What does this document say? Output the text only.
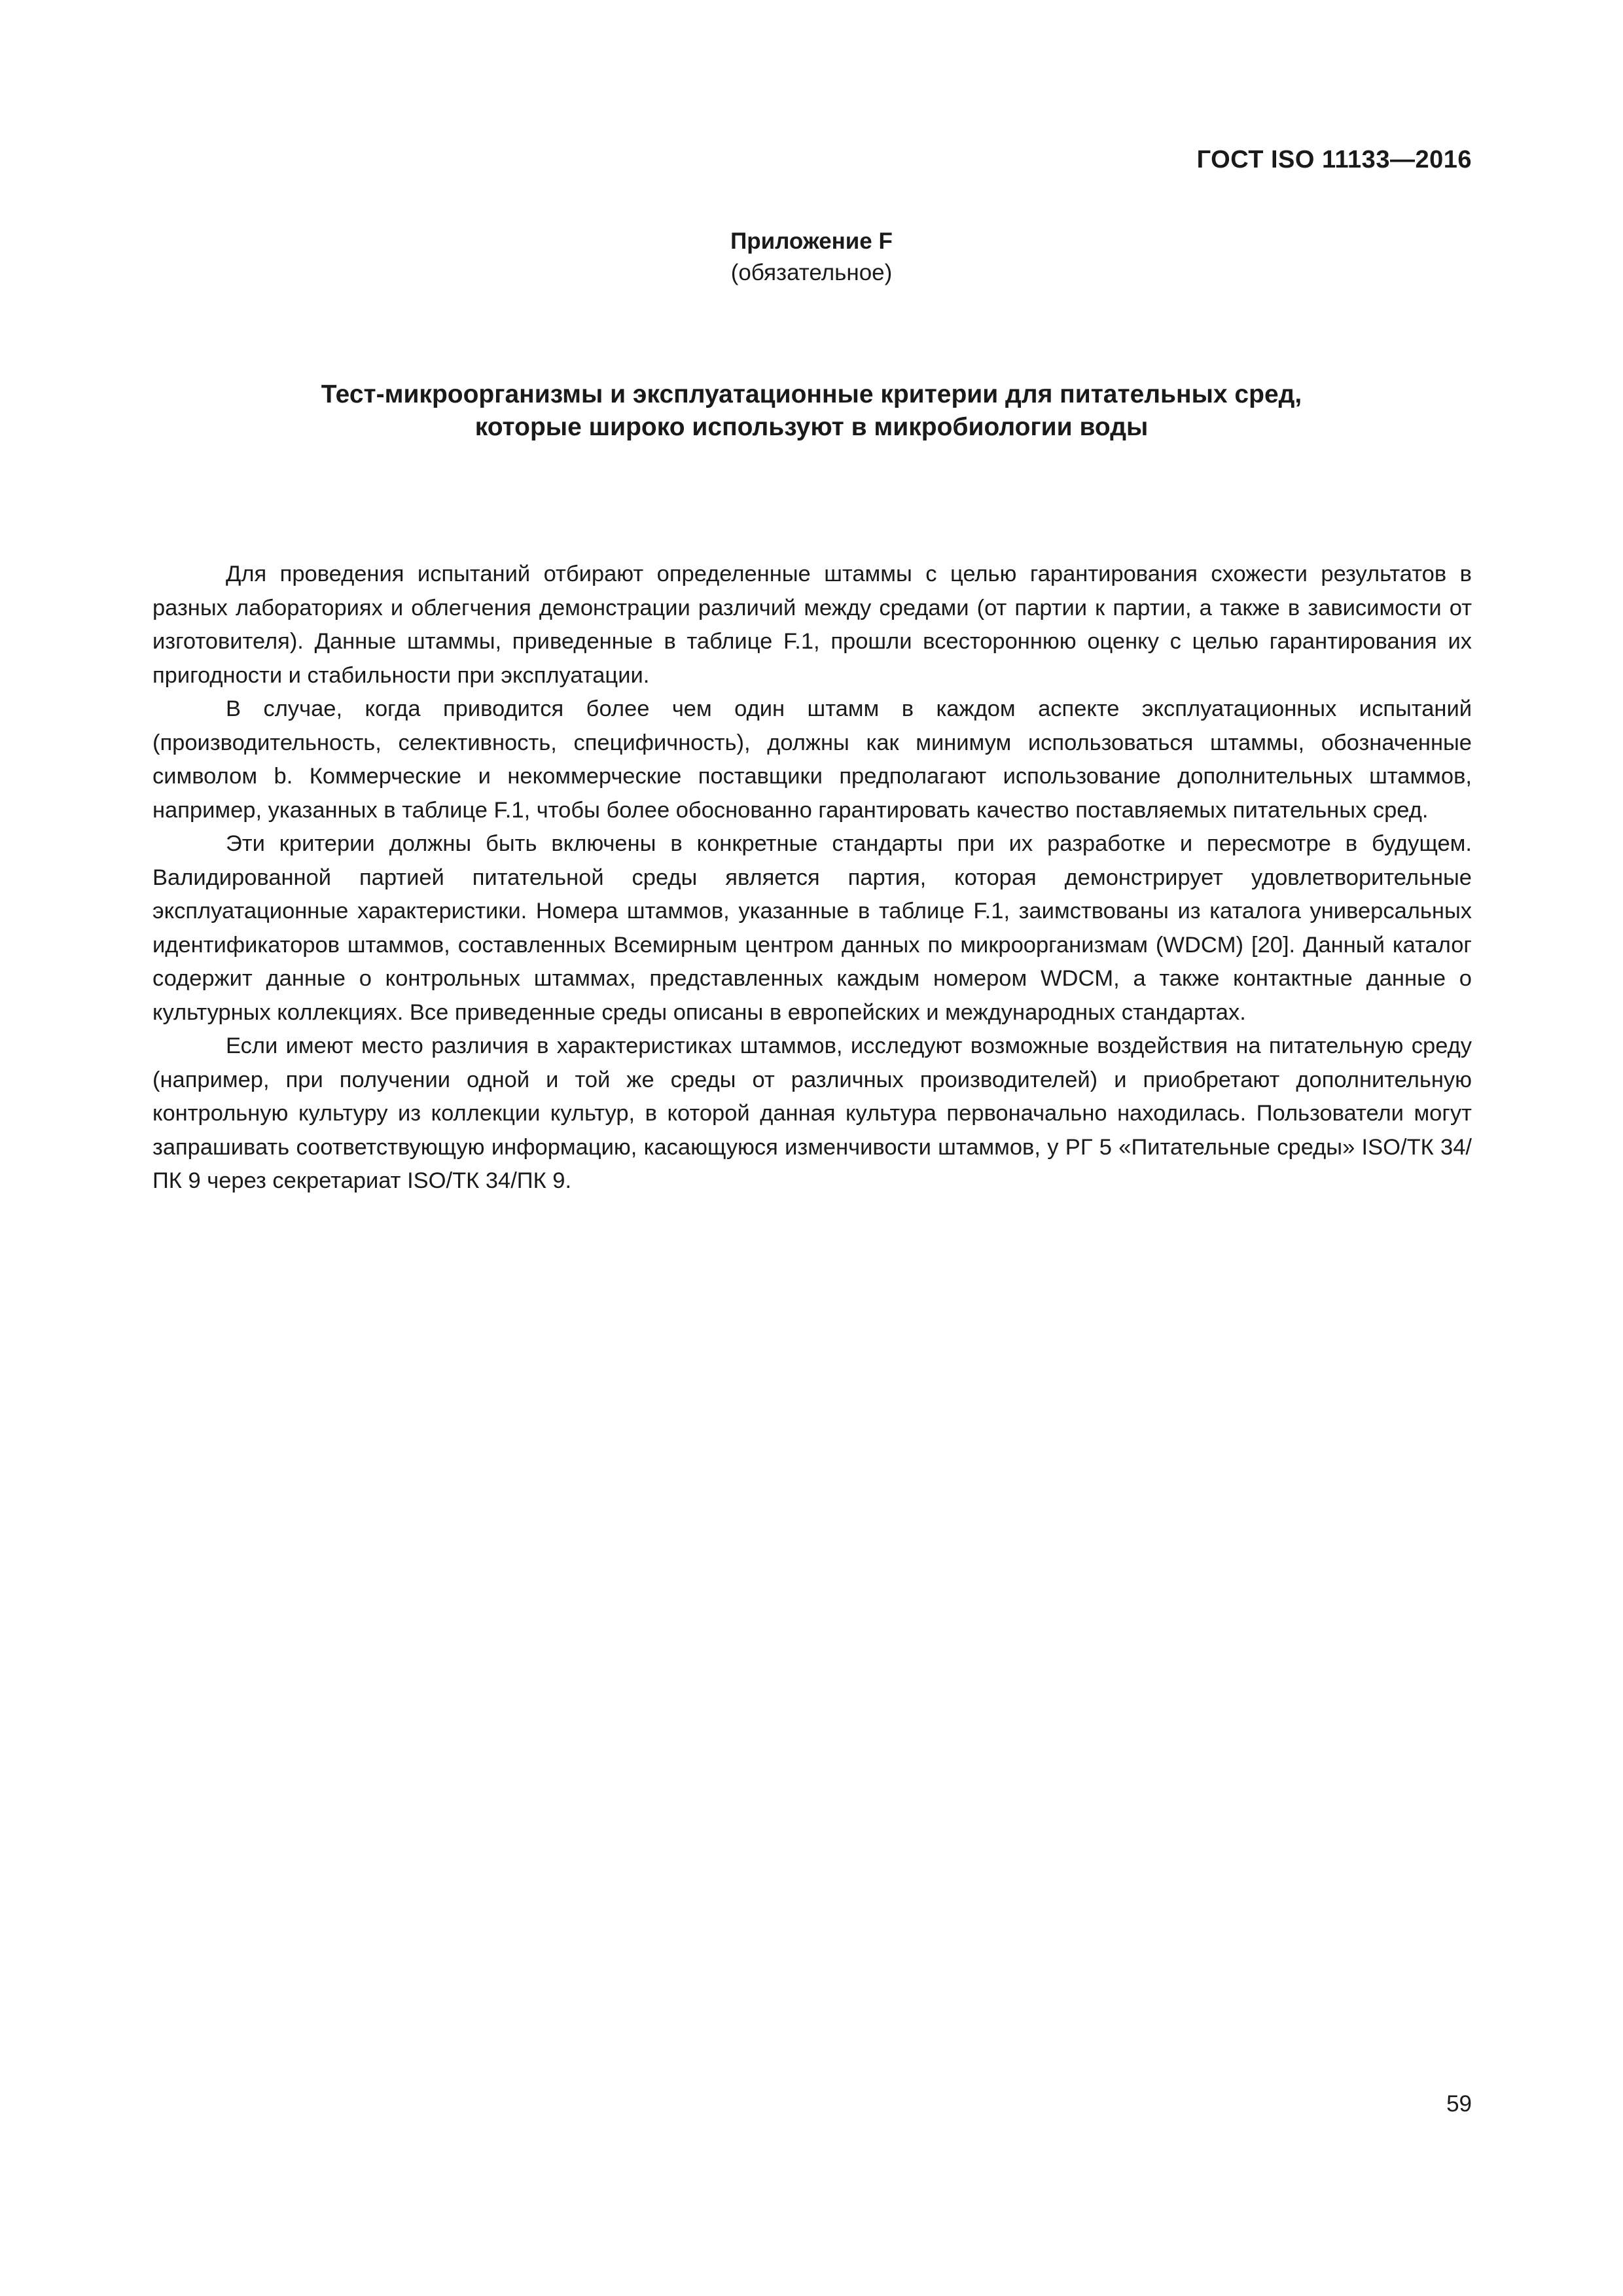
ГОСТ ISO 11133—2016
Приложение F
(обязательное)
Тест-микроорганизмы и эксплуатационные критерии для питательных сред,
которые широко используют в микробиологии воды

Для проведения испытаний отбирают определенные штаммы с целью гарантирования схожести результатов в разных лабораториях и облегчения демонстрации различий между средами (от партии к партии, а также в зависимости от изготовителя). Данные штаммы, приведенные в таблице F.1, прошли всестороннюю оценку с целью гарантирования их пригодности и стабильности при эксплуатации.

В случае, когда приводится более чем один штамм в каждом аспекте эксплуатационных испытаний (производительность, селективность, специфичность), должны как минимум использоваться штаммы, обозначенные символом b. Коммерческие и некоммерческие поставщики предполагают использование дополнительных штаммов, например, указанных в таблице F.1, чтобы более обоснованно гарантировать качество поставляемых питательных сред.

Эти критерии должны быть включены в конкретные стандарты при их разработке и пересмотре в будущем. Валидированной партией питательной среды является партия, которая демонстрирует удовлетворительные эксплуатационные характеристики. Номера штаммов, указанные в таблице F.1, заимствованы из каталога универсальных идентификаторов штаммов, составленных Всемирным центром данных по микроорганизмам (WDCM) [20]. Данный каталог содержит данные о контрольных штаммах, представленных каждым номером WDCM, а также контактные данные о культурных коллекциях. Все приведенные среды описаны в европейских и международных стандартах.

Если имеют место различия в характеристиках штаммов, исследуют возможные воздействия на питательную среду (например, при получении одной и той же среды от различных производителей) и приобретают дополнительную контрольную культуру из коллекции культур, в которой данная культура первоначально находилась. Пользователи могут запрашивать соответствующую информацию, касающуюся изменчивости штаммов, у РГ 5 «Питательные среды» ISO/ТК 34/ПК 9 через секретариат ISO/ТК 34/ПК 9.

59
